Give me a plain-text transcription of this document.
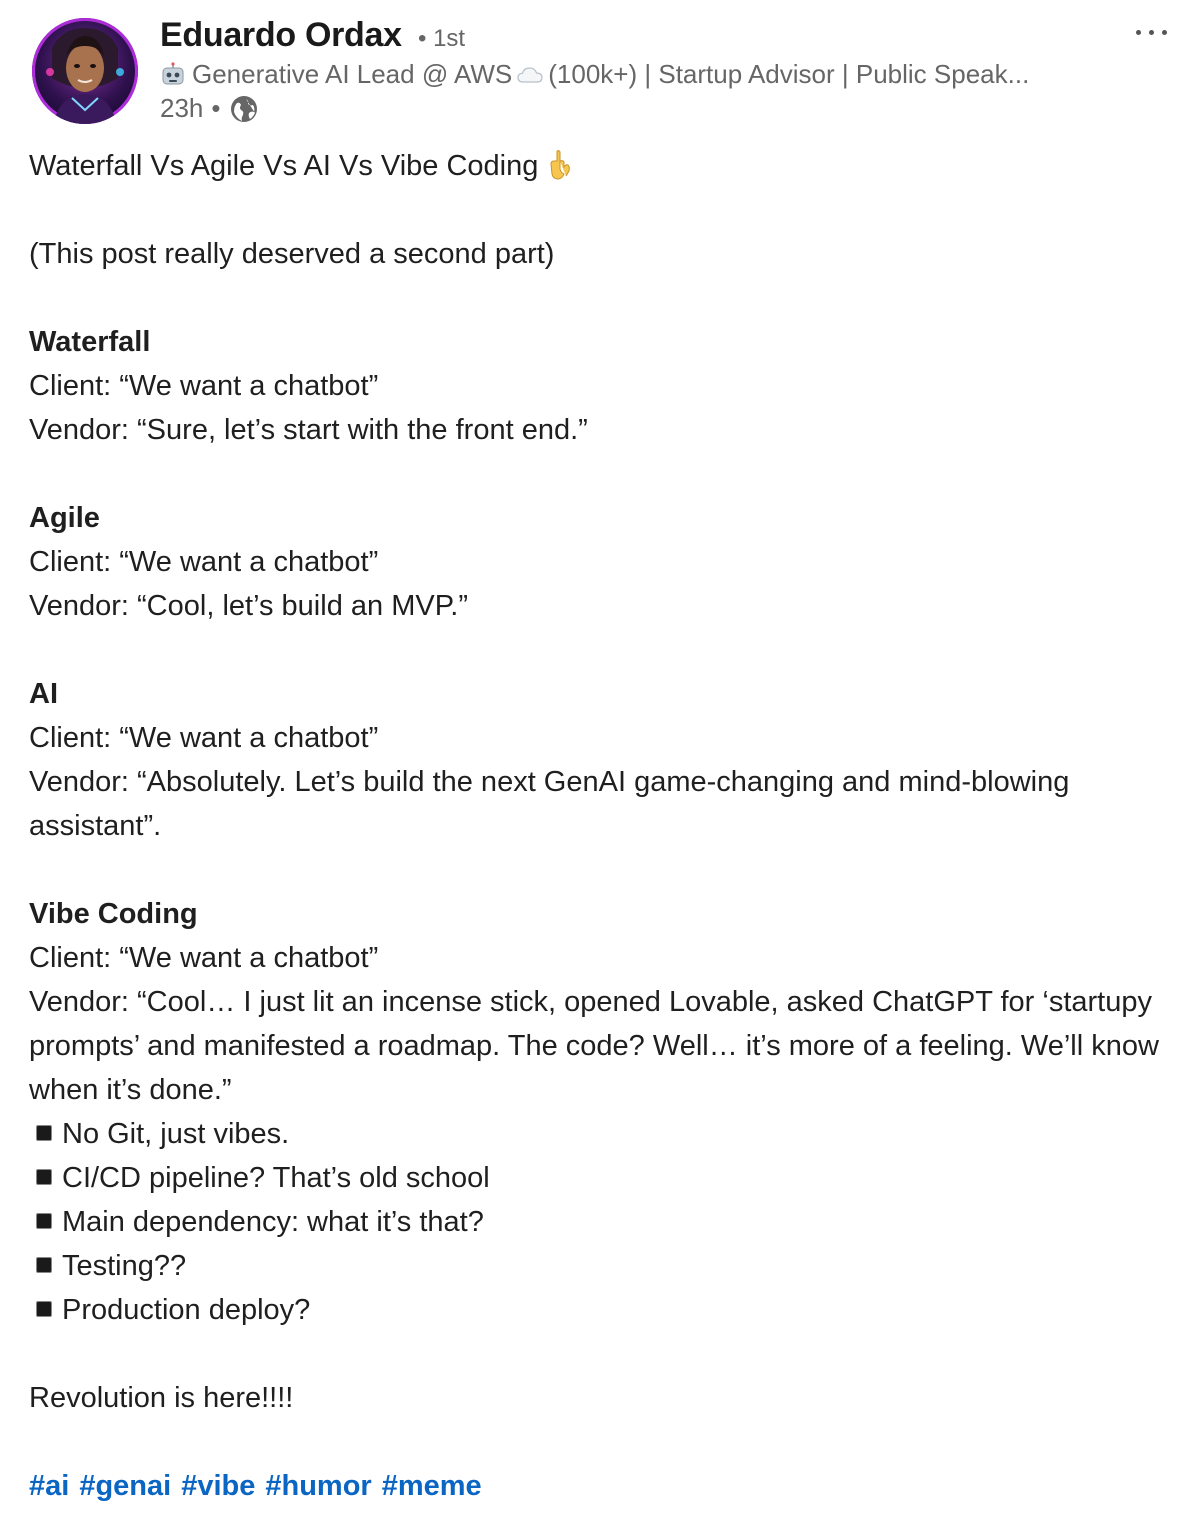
Eduardo Ordax • 1st
Generative AI Lead @ AWS (100k+) | Startup Advisor | Public Speak...
23h •
Waterfall Vs Agile Vs AI Vs Vibe Coding
(This post really deserved a second part)
Waterfall
Client: “We want a chatbot”
Vendor: “Sure, let’s start with the front end.”
Agile
Client: “We want a chatbot”
Vendor: “Cool, let’s build an MVP.”
AI
Client: “We want a chatbot”
Vendor: “Absolutely. Let’s build the next GenAI game-changing and mind-blowing assistant”.
Vibe Coding
Client: “We want a chatbot”
Vendor: “Cool… I just lit an incense stick, opened Lovable, asked ChatGPT for ‘startupy prompts’ and manifested a roadmap. The code? Well… it’s more of a feeling. We’ll know when it’s done.”
No Git, just vibes.
CI/CD pipeline? That’s old school
Main dependency: what it’s that?
Testing??
Production deploy?
Revolution is here!!!!
#ai #genai #vibe #humor #meme
